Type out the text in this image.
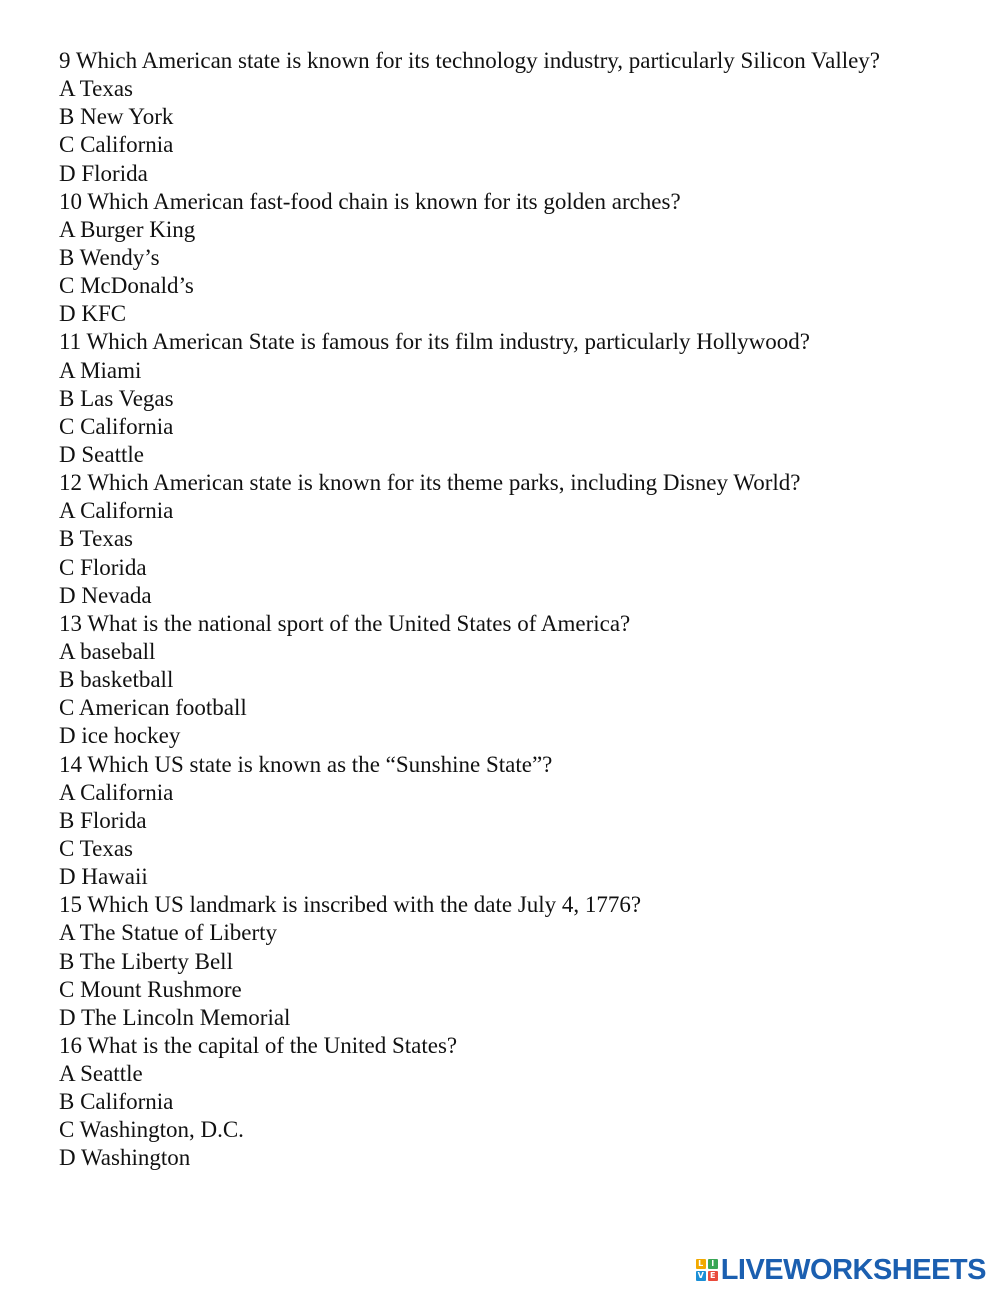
9 Which American state is known for its technology industry, particularly Silicon Valley?
A Texas
B New York
C California
D Florida
10 Which American fast-food chain is known for its golden arches?
A Burger King
B Wendy’s
C McDonald’s
D KFC
11 Which American State is famous for its film industry, particularly Hollywood?
A Miami
B Las Vegas
C California
D Seattle
12 Which American state is known for its theme parks, including Disney World?
A California
B Texas
C Florida
D Nevada
13 What is the national sport of the United States of America?
A baseball
B basketball
C American football
D ice hockey
14 Which US state is known as the “Sunshine State”?
A California
B Florida
C Texas
D Hawaii
15 Which US landmark is inscribed with the date July 4, 1776?
A The Statue of Liberty
B The Liberty Bell
C Mount Rushmore
D The Lincoln Memorial
16 What is the capital of the United States?
A Seattle
B California
C Washington, D.C.
D Washington
L I
V E LIVEWORKSHEETS
